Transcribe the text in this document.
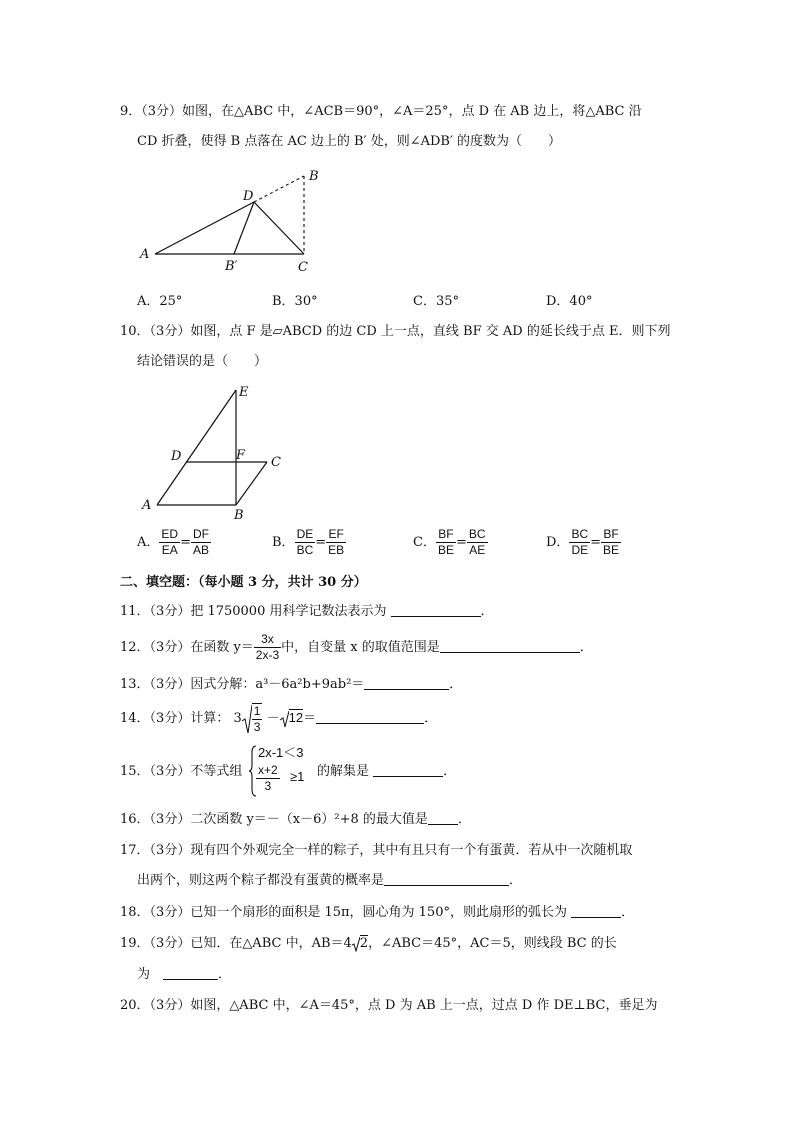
9．（3分）如图，在△ABC 中，∠ACB＝90°，∠A＝25°，点 D 在 AB 边上，将△ABC 沿
CD 折叠，使得 B 点落在 AC 边上的 B′ 处，则∠ADB′ 的度数为（　　）
A
D
B
B′	C
A．25°	B．30°	C．35°	D．40°
10．（3分）如图，点 F 是▱ABCD 的边 CD 上一点，直线 BF 交 AD 的延长线于点 E．则下列
结论错误的是（　　）
E
D	F C
A
B
A． $\frac{ED}{EA} = \frac{DF}{AB}$	B． $\frac{DE}{BC} = \frac{EF}{EB}$	C． $\frac{BF}{BE} = \frac{BC}{AE}$	D． $\frac{BC}{DE} = \frac{BF}{BE}$
二、填空题：（每小题 3 分，共计 30 分）
11．（3分）把 1750000 用科学记数法表示为	．
12．（3分）在函数 $y= \frac{3x}{2x-3}$ 中，自变量 x 的取值范围是	．
13．（3分）因式分解：a³－6a²b+9ab²＝	．
14．（3分）计算： $3 \frac{1}{3} - 12=$	．
15．（3分）不等式组
2x-1＜3
$\frac{x+2}{3} \ge 1$ 的解集是	．
16．（3分）二次函数 y＝－（x－6）²+8 的最大值是 ．
17．（3分）现有四个外观完全一样的粽子，其中有且只有一个有蛋黄．若从中一次随机取
出两个，则这两个粽子都没有蛋黄的概率是	．
18．（3分）已知一个扇形的面积是 15π，圆心角为 150°，则此扇形的弧长为	．
19．（3分）已知．在△ABC 中，AB＝4 2，∠ABC＝45°，AC＝5，则线段 BC 的长
为　	．
20．（3分）如图，△ABC 中，∠A＝45°，点 D 为 AB 上一点，过点 D 作 DE⊥BC，垂足为
